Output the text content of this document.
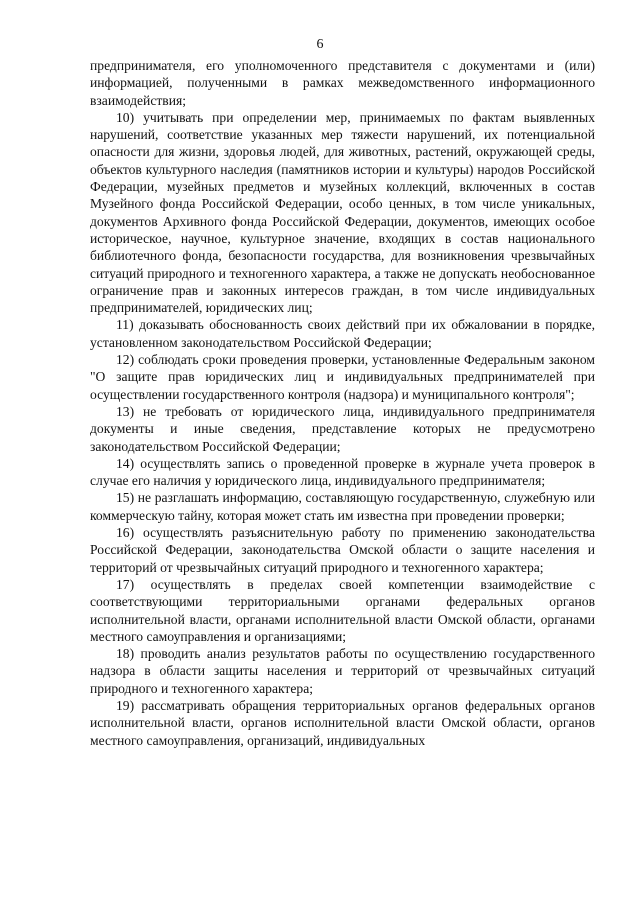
6

предпринимателя, его уполномоченного представителя с документами и (или) информацией, полученными в рамках межведомственного информационного взаимодействия;

10) учитывать при определении мер, принимаемых по фактам выявленных нарушений, соответствие указанных мер тяжести нарушений, их потенциальной опасности для жизни, здоровья людей, для животных, растений, окружающей среды, объектов культурного наследия (памятников истории и культуры) народов Российской Федерации, музейных предметов и музейных коллекций, включенных в состав Музейного фонда Российской Федерации, особо ценных, в том числе уникальных, документов Архивного фонда Российской Федерации, документов, имеющих особое историческое, научное, культурное значение, входящих в состав национального библиотечного фонда, безопасности государства, для возникновения чрезвычайных ситуаций природного и техногенного характера, а также не допускать необоснованное ограничение прав и законных интересов граждан, в том числе индивидуальных предпринимателей, юридических лиц;

11) доказывать обоснованность своих действий при их обжаловании в порядке, установленном законодательством Российской Федерации;

12) соблюдать сроки проведения проверки, установленные Федеральным законом "О защите прав юридических лиц и индивидуальных предпринимателей при осуществлении государственного контроля (надзора) и муниципального контроля";

13) не требовать от юридического лица, индивидуального предпринимателя документы и иные сведения, представление которых не предусмотрено законодательством Российской Федерации;

14) осуществлять запись о проведенной проверке в журнале учета проверок в случае его наличия у юридического лица, индивидуального предпринимателя;

15) не разглашать информацию, составляющую государственную, служебную или коммерческую тайну, которая может стать им известна при проведении проверки;

16) осуществлять разъяснительную работу по применению законодательства Российской Федерации, законодательства Омской области о защите населения и территорий от чрезвычайных ситуаций природного и техногенного характера;

17) осуществлять в пределах своей компетенции взаимодействие с соответствующими территориальными органами федеральных органов исполнительной власти, органами исполнительной власти Омской области, органами местного самоуправления и организациями;

18) проводить анализ результатов работы по осуществлению государственного надзора в области защиты населения и территорий от чрезвычайных ситуаций природного и техногенного характера;

19) рассматривать обращения территориальных органов федеральных органов исполнительной власти, органов исполнительной власти Омской области, органов местного самоуправления, организаций, индивидуальных
